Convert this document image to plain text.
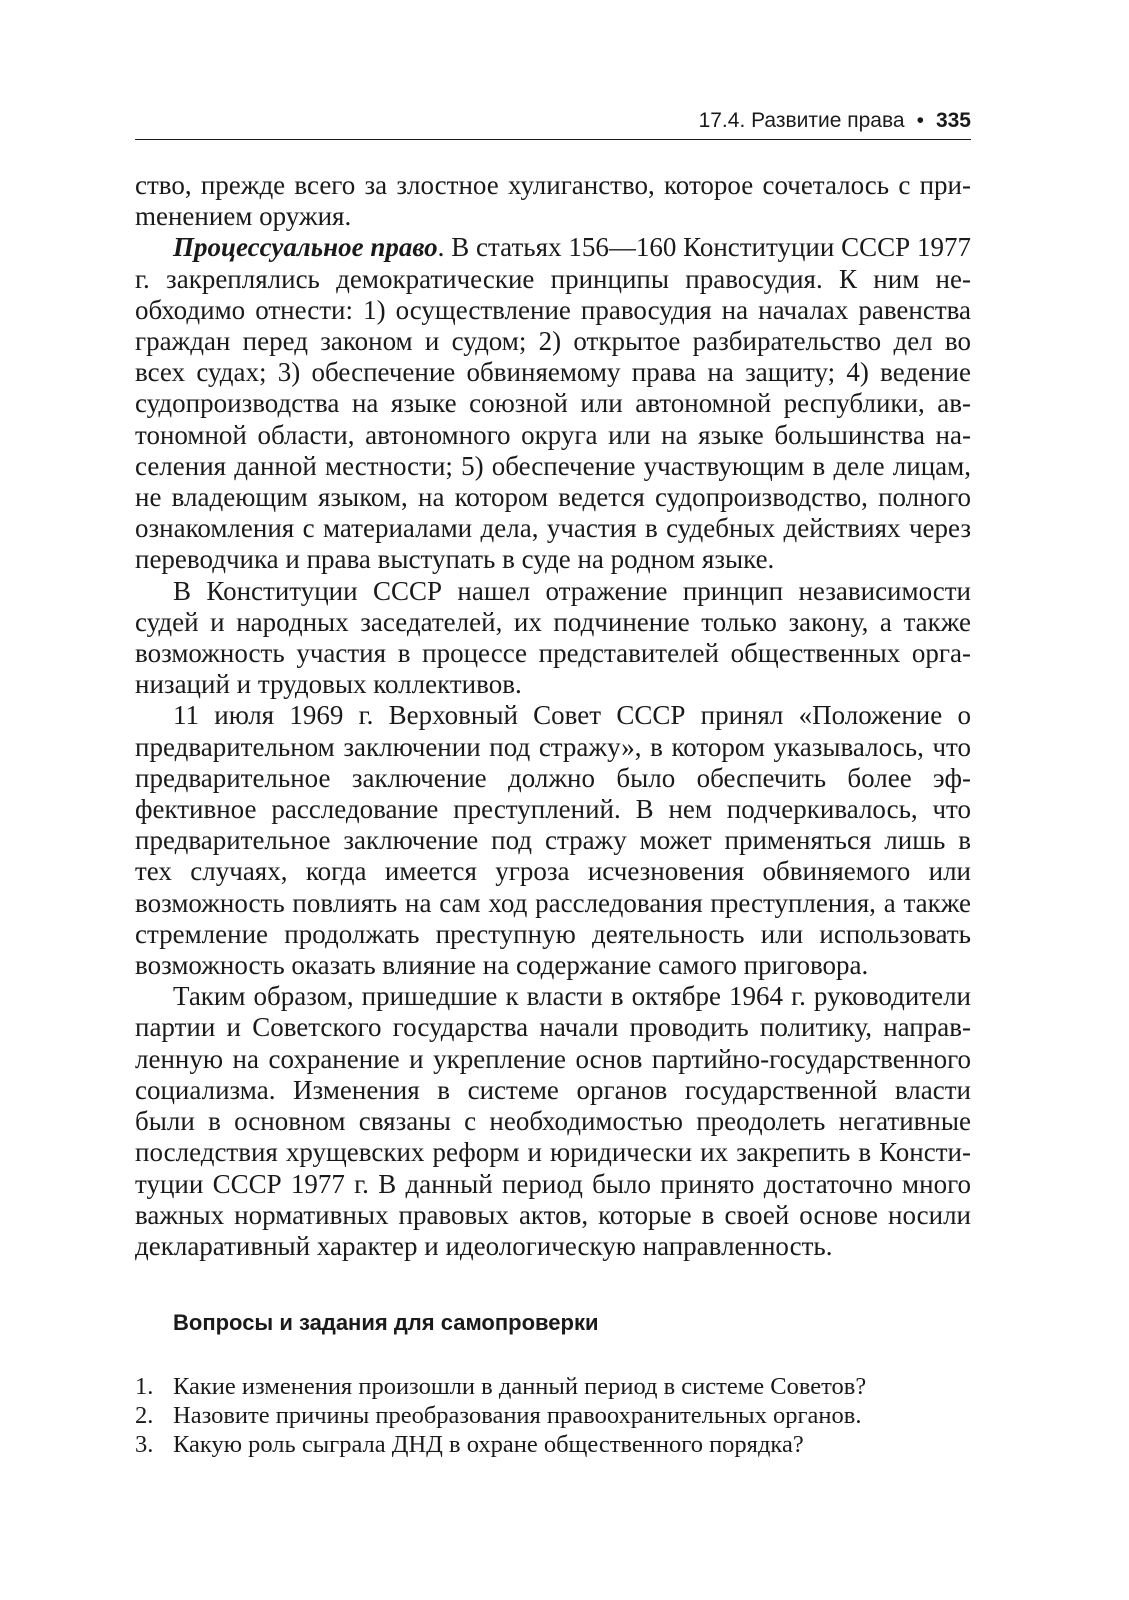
17.4. Развитие права • 335

ство, прежде всего за злостное хулиганство, которое сочеталось с приmенением оружия.

Процессуальное право. В статьях 156—160 Конституции СССР 1977 г. закреплялись демократические принципы правосудия. К ним необходимо отнести: 1) осуществление правосудия на началах равенства граждан перед законом и судом; 2) открытое разбирательство дел во всех судах; 3) обеспечение обвиняемому права на защиту; 4) ведение судопроизводства на языке союзной или автономной республики, автономной области, автономного округа или на языке большинства населения данной местности; 5) обеспечение участвующим в деле лицам, не владеющим языком, на котором ведется судопроизводство, полного ознакомления с материалами дела, участия в судебных действиях через переводчика и права выступать в суде на родном языке.

В Конституции СССР нашел отражение принцип независимости судей и народных заседателей, их подчинение только закону, а также возможность участия в процессе представителей общественных организаций и трудовых коллективов.

11 июля 1969 г. Верховный Совет СССР принял «Положение о предварительном заключении под стражу», в котором указывалось, что предварительное заключение должно было обеспечить более эффективное расследование преступлений. В нем подчеркивалось, что предварительное заключение под стражу может применяться лишь в тех случаях, когда имеется угроза исчезновения обвиняемого или возможность повлиять на сам ход расследования преступления, а также стремление продолжать преступную деятельность или использовать возможность оказать влияние на содержание самого приговора.

Таким образом, пришедшие к власти в октябре 1964 г. руководители партии и Советского государства начали проводить политику, направленную на сохранение и укрепление основ партийно-государственного социализма. Изменения в системе органов государственной власти были в основном связаны с необходимостью преодолеть негативные последствия хрущевских реформ и юридически их закрепить в Конституции СССР 1977 г. В данный период было принято достаточно много важных нормативных правовых актов, которые в своей основе носили декларативный характер и идеологическую направленность.

Вопросы и задания для самопроверки
1. Какие изменения произошли в данный период в системе Советов?
2. Назовите причины преобразования правоохранительных органов.
3. Какую роль сыграла ДНД в охране общественного порядка?
